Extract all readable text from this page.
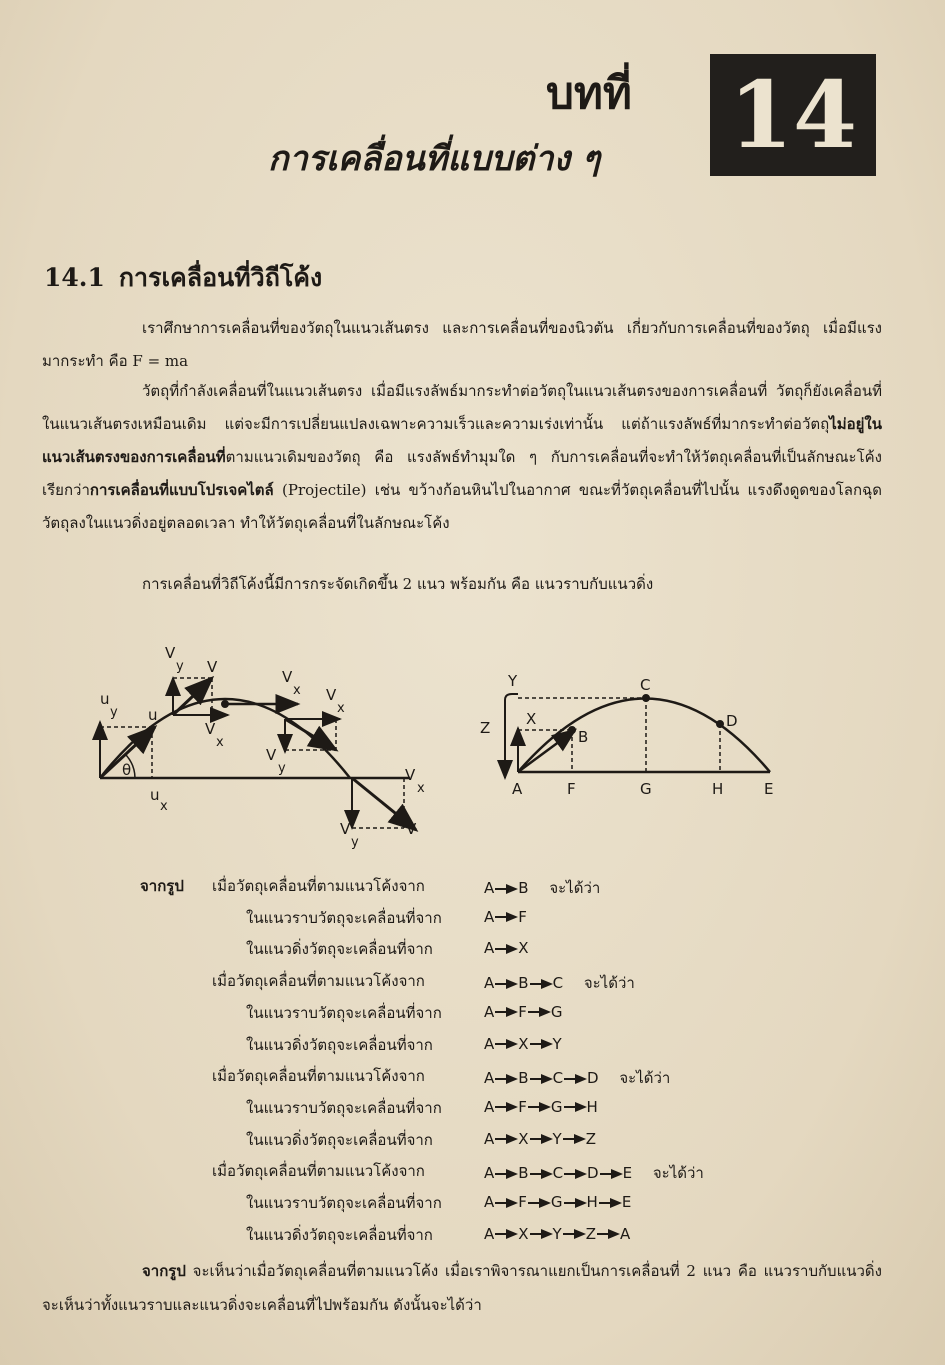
บทที่
การเคลื่อนที่แบบต่าง ๆ 14
14.1 การเคลื่อนที่วิถีโค้ง
เราศึกษาการเคลื่อนที่ของวัตถุในแนวเส้นตรง และการเคลื่อนที่ของนิวตัน เกี่ยวกับการเคลื่อนที่ของวัตถุ เมื่อมีแรงมากระทำ คือ F = ma
วัตถุที่กำลังเคลื่อนที่ในแนวเส้นตรง เมื่อมีแรงลัพธ์มากระทำต่อวัตถุในแนวเส้นตรงของการเคลื่อนที่ วัตถุก็ยังเคลื่อนที่ในแนวเส้นตรงเหมือนเดิม แต่จะมีการเปลี่ยนแปลงเฉพาะความเร็วและความเร่งเท่านั้น แต่ถ้าแรงลัพธ์ที่มากระทำต่อวัตถุไม่อยู่ในแนวเส้นตรงของการเคลื่อนที่ตามแนวเดิมของวัตถุ คือ แรงลัพธ์ทำมุมใด ๆ กับการเคลื่อนที่จะทำให้วัตถุเคลื่อนที่เป็นลักษณะโค้ง เรียกว่าการเคลื่อนที่แบบโปรเจคไตล์ (Projectile) เช่น ขว้างก้อนหินไปในอากาศ ขณะที่วัตถุเคลื่อนที่ไปนั้น แรงดึงดูดของโลกฉุดวัตถุลงในแนวดิ่งอยู่ตลอดเวลา ทำให้วัตถุเคลื่อนที่ในลักษณะโค้ง
การเคลื่อนที่วิถีโค้งนี้มีการกระจัดเกิดขึ้น 2 แนว พร้อมกัน คือ แนวราบกับแนวดิ่ง
u
y u
θ
u
x
V
y V
V
x
V
x V
x
V
y	V
x
V
y
V
Y	C
X
Z	B
D
A	F	G	H	E
จากรูป เมื่อวัตถุเคลื่อนที่ตามแนวโค้งจาก	A B จะได้ว่า
ในแนวราบวัตถุจะเคลื่อนที่จาก	A F
ในแนวดิ่งวัตถุจะเคลื่อนที่จาก	A X
เมื่อวัตถุเคลื่อนที่ตามแนวโค้งจาก	A B C จะได้ว่า
ในแนวราบวัตถุจะเคลื่อนที่จาก	A F G
ในแนวดิ่งวัตถุจะเคลื่อนที่จาก	A X Y
เมื่อวัตถุเคลื่อนที่ตามแนวโค้งจาก	A B C D จะได้ว่า
ในแนวราบวัตถุจะเคลื่อนที่จาก	A F G H
ในแนวดิ่งวัตถุจะเคลื่อนที่จาก	A X Y Z
เมื่อวัตถุเคลื่อนที่ตามแนวโค้งจาก	A B C D E จะได้ว่า
ในแนวราบวัตถุจะเคลื่อนที่จาก	A F G H E
ในแนวดิ่งวัตถุจะเคลื่อนที่จาก	A X Y Z A
จากรูป จะเห็นว่าเมื่อวัตถุเคลื่อนที่ตามแนวโค้ง เมื่อเราพิจารณาแยกเป็นการเคลื่อนที่ 2 แนว คือ แนวราบกับแนวดิ่ง จะเห็นว่าทั้งแนวราบและแนวดิ่งจะเคลื่อนที่ไปพร้อมกัน ดังนั้นจะได้ว่า
